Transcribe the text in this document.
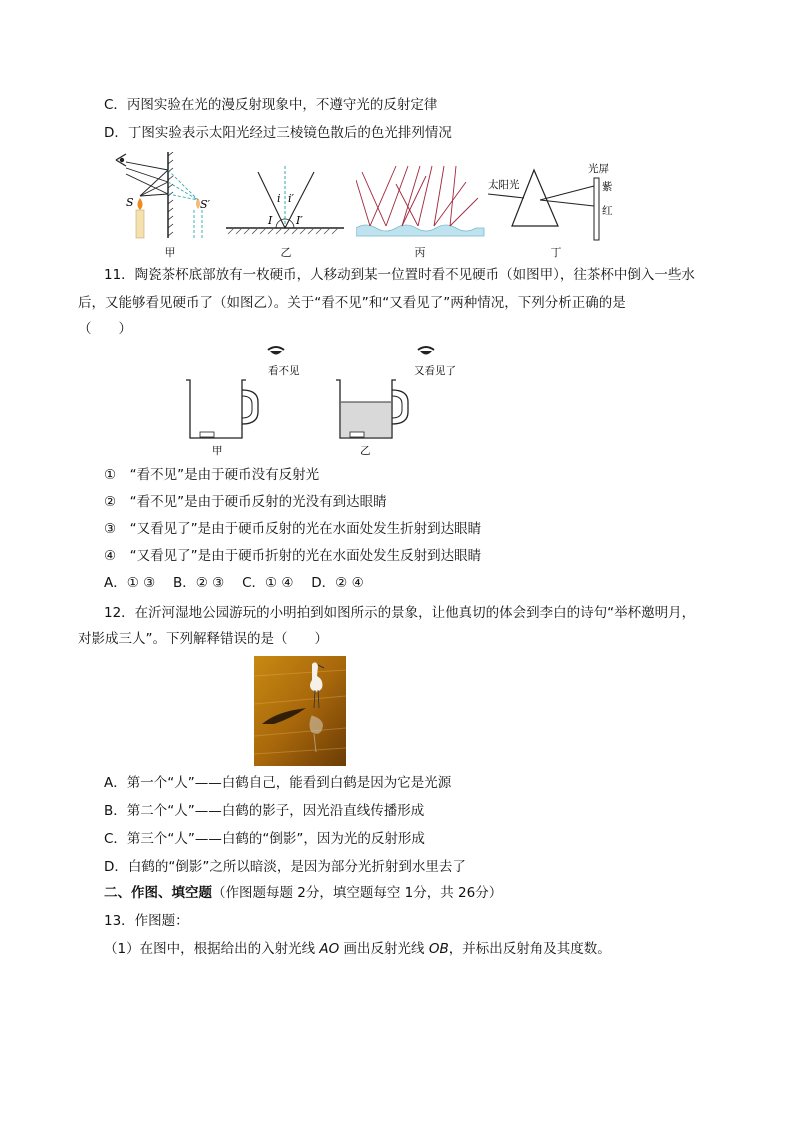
C．丙图实验在光的漫反射现象中，不遵守光的反射定律
D．丁图实验表示太阳光经过三棱镜色散后的色光排列情况
S	S′
甲
i i′
I I′
乙	丙
太阳光
光屏
紫
红
丁
11．陶瓷茶杯底部放有一枚硬币，人移动到某一位置时看不见硬币（如图甲），往茶杯中倒入一些水
后，又能够看见硬币了（如图乙）。关于“看不见”和“又看见了”两种情况，下列分析正确的是
（　　）
看不见	又看见了
甲	乙
①　“看不见”是由于硬币没有反射光
②　“看不见”是由于硬币反射的光没有到达眼睛
③　“又看见了”是由于硬币反射的光在水面处发生折射到达眼睛
④　“又看见了”是由于硬币折射的光在水面处发生反射到达眼睛
A．① ③　 B．② ③　 C．① ④　 D．② ④
12．在沂河湿地公园游玩的小明拍到如图所示的景象，让他真切的体会到李白的诗句“举杯邀明月，
对影成三人”。下列解释错误的是（　　）
A．第一个“人”——白鹤自己，能看到白鹤是因为它是光源
B．第二个“人”——白鹤的影子，因光沿直线传播形成
C．第三个“人”——白鹤的“倒影”，因为光的反射形成
D．白鹤的“倒影”之所以暗淡，是因为部分光折射到水里去了
二、作图、填空题（作图题每题 2分，填空题每空 1分，共 26分）
13．作图题：
（1）在图中，根据给出的入射光线 AO 画出反射光线 OB，并标出反射角及其度数。
